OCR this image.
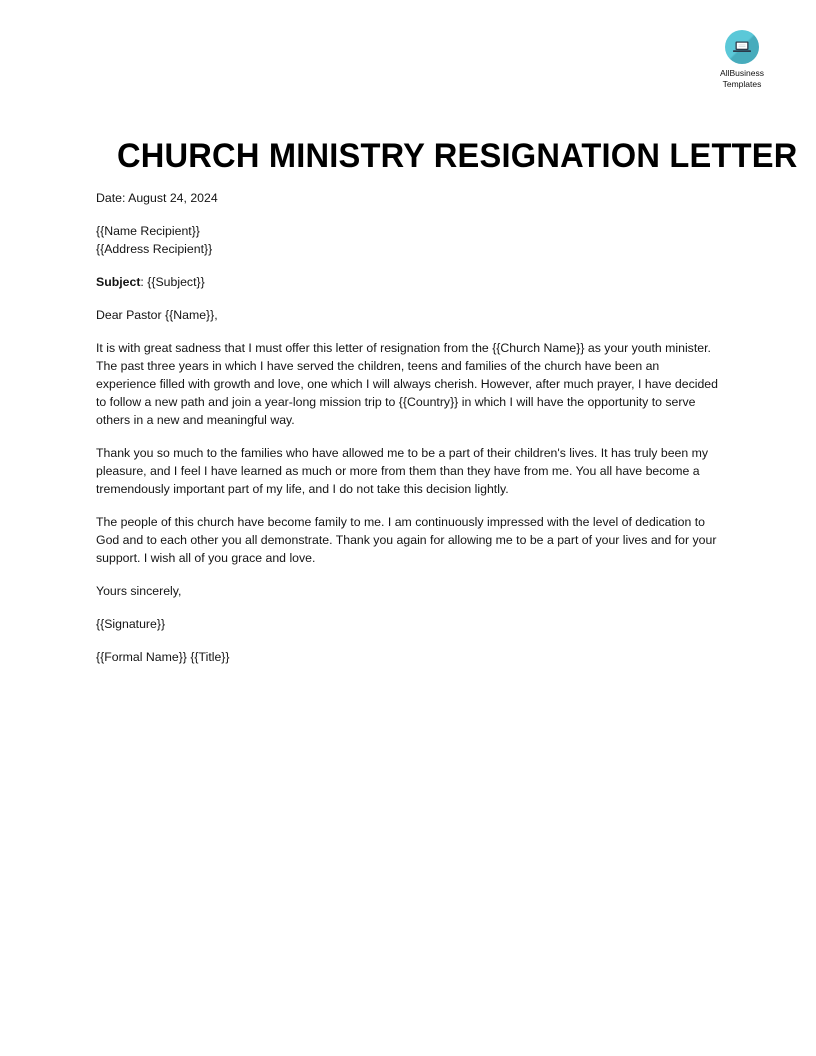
AllBusiness
Templates
CHURCH MINISTRY RESIGNATION LETTER
Date: August 24, 2024
{{Name Recipient}}
{{Address Recipient}}
Subject: {{Subject}}
Dear Pastor {{Name}},

It is with great sadness that I must offer this letter of resignation from the {{Church Name}} as your youth minister. The past three years in which I have served the children, teens and families of the church have been an experience filled with growth and love, one which I will always cherish. However, after much prayer, I have decided to follow a new path and join a year-long mission trip to {{Country}} in which I will have the opportunity to serve others in a new and meaningful way.

Thank you so much to the families who have allowed me to be a part of their children's lives. It has truly been my pleasure, and I feel I have learned as much or more from them than they have from me. You all have become a tremendously important part of my life, and I do not take this decision lightly.

The people of this church have become family to me. I am continuously impressed with the level of dedication to God and to each other you all demonstrate. Thank you again for allowing me to be a part of your lives and for your support. I wish all of you grace and love.

Yours sincerely,
{{Signature}}
{{Formal Name}} {{Title}}
